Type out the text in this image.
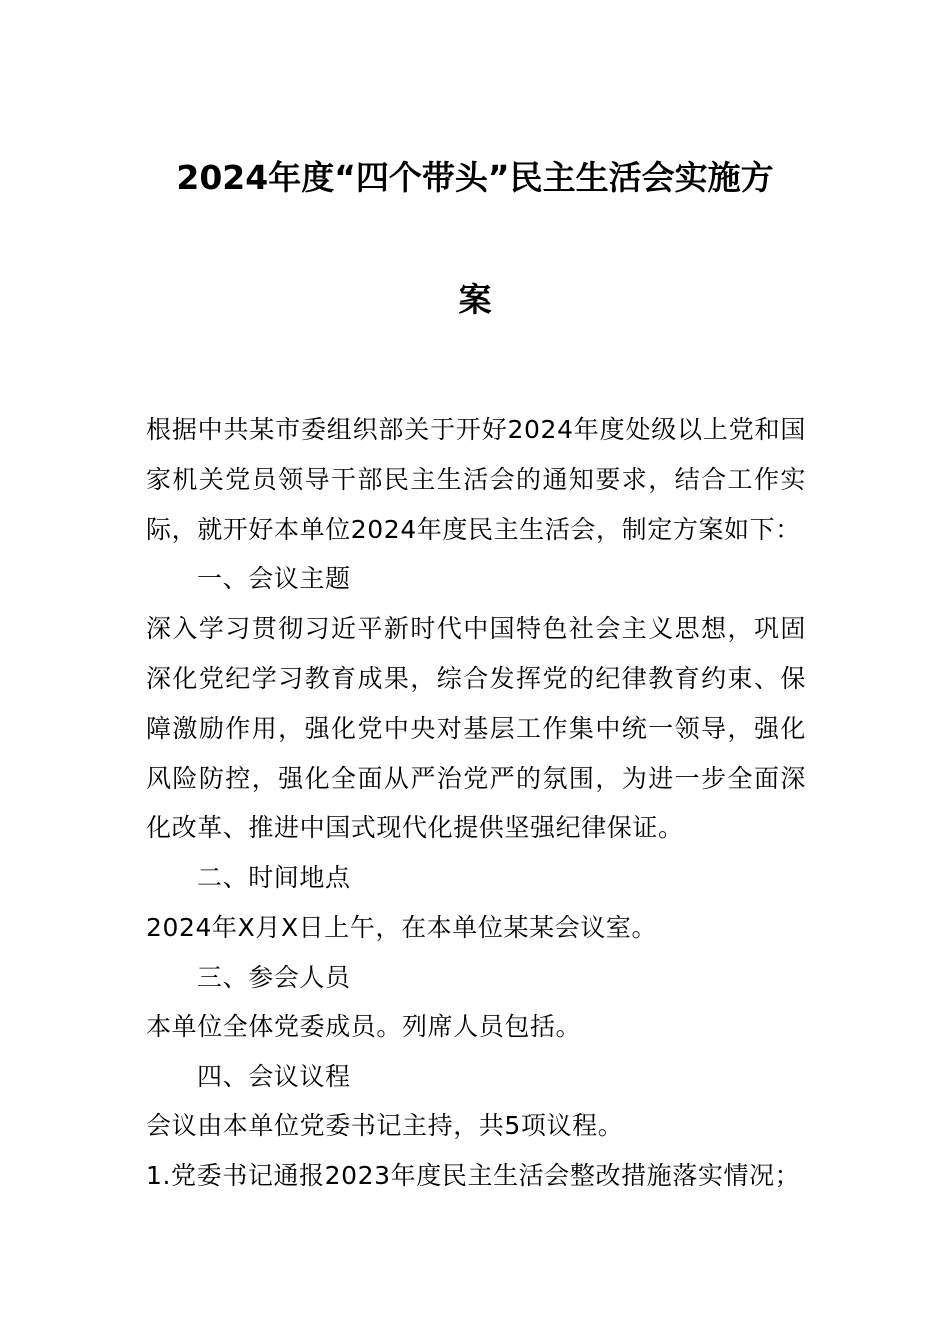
2024年度“四个带头”民主生活会实施方
案
根据中共某市委组织部关于开好2024年度处级以上党和国
家机关党员领导干部民主生活会的通知要求，结合工作实
际，就开好本单位2024年度民主生活会，制定方案如下：
一、会议主题
深入学习贯彻习近平新时代中国特色社会主义思想，巩固
深化党纪学习教育成果，综合发挥党的纪律教育约束、保
障激励作用，强化党中央对基层工作集中统一领导，强化
风险防控，强化全面从严治党严的氛围，为进一步全面深
化改革、推进中国式现代化提供坚强纪律保证。
二、时间地点
2024年X月X日上午，在本单位某某会议室。
三、参会人员
本单位全体党委成员。列席人员包括。
四、会议议程
会议由本单位党委书记主持，共5项议程。
1.党委书记通报2023年度民主生活会整改措施落实情况；
